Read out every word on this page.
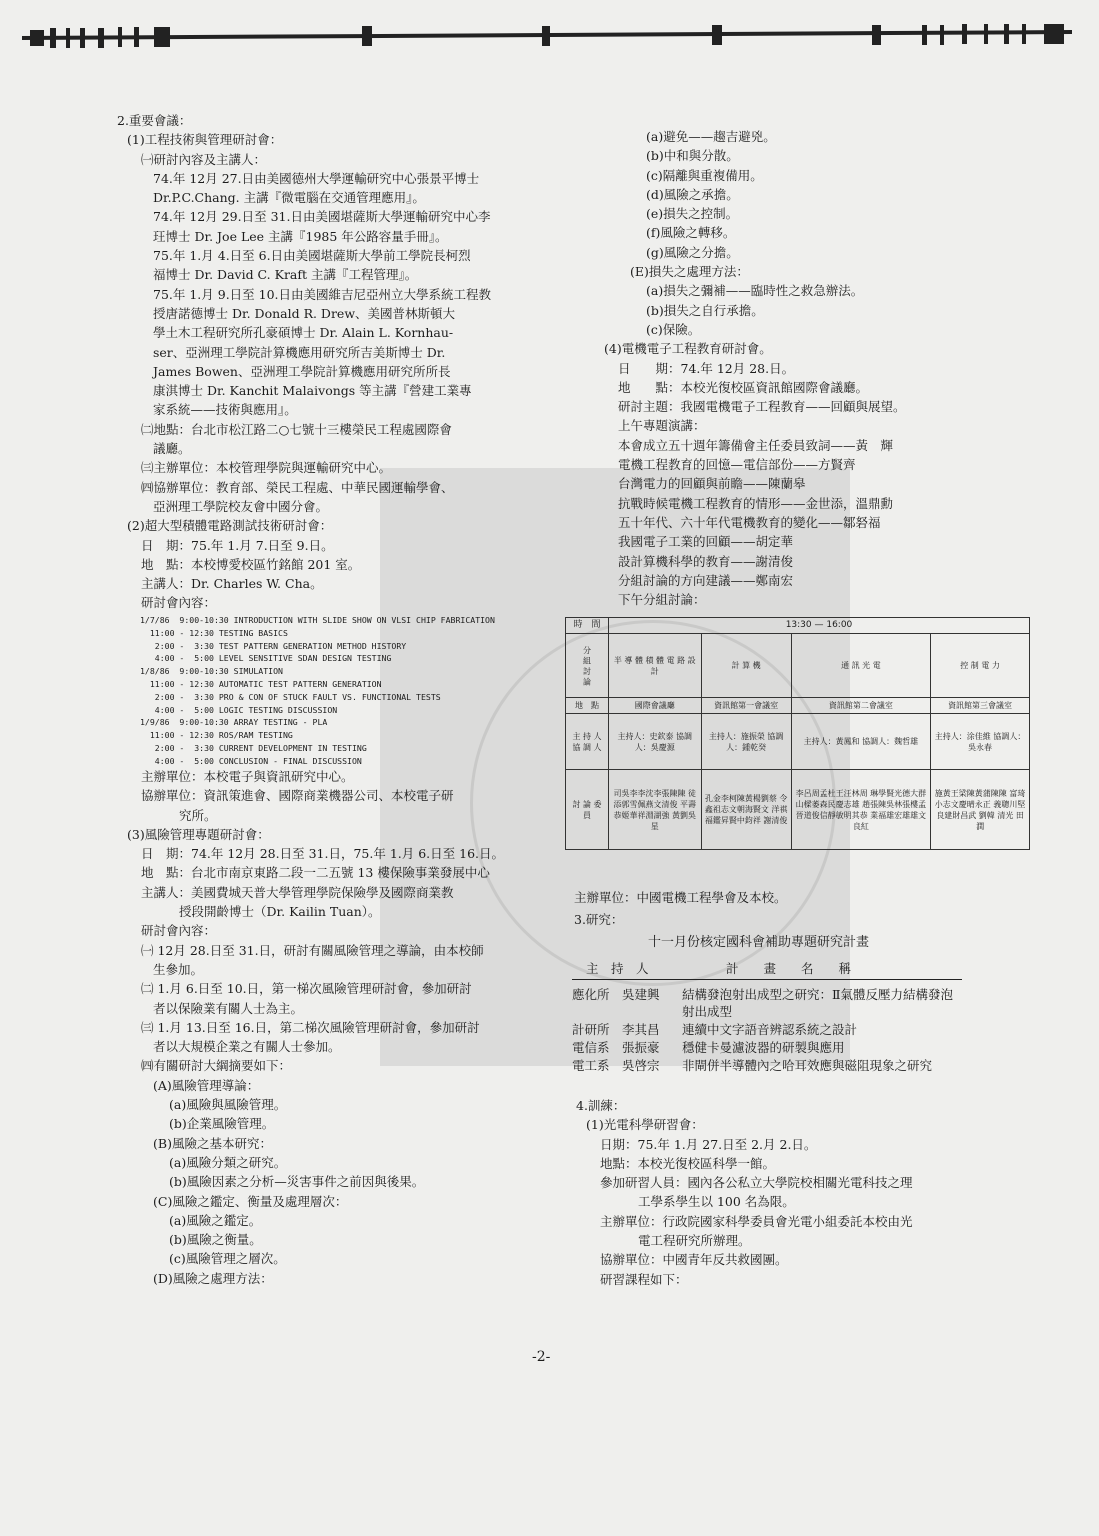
2.重要會議：

(1)工程技術與管理研討會：

㈠研討內容及主講人：

74.年 12月 27.日由美國德州大學運輸研究中心張景平博士

Dr.P.C.Chang. 主講『微電腦在交通管理應用』。

74.年 12月 29.日至 31.日由美國堪薩斯大學運輸研究中心李

玨博士 Dr. Joe Lee 主講『1985 年公路容量手冊』。

75.年 1.月 4.日至 6.日由美國堪薩斯大學前工學院長柯烈

福博士 Dr. David C. Kraft 主講『工程管理』。

75.年 1.月 9.日至 10.日由美國維吉尼亞州立大學系統工程教

授唐諾德博士 Dr. Donald R. Drew、美國普林斯頓大

學土木工程研究所孔豪碩博士 Dr. Alain L. Kornhau-

ser、亞洲理工學院計算機應用研究所吉美斯博士 Dr.

James Bowen、亞洲理工學院計算機應用研究所所長

康淇博士 Dr. Kanchit Malaivongs 等主講『營建工業專

家系統——技術與應用』。

㈡地點：台北市松江路二○七號十三樓榮民工程處國際會

議廳。

㈢主辦單位：本校管理學院與運輸研究中心。

㈣協辦單位：教育部、榮民工程處、中華民國運輸學會、

亞洲理工學院校友會中國分會。

(2)超大型積體電路測試技術研討會：

日　期：75.年 1.月 7.日至 9.日。

地　點：本校博愛校區竹銘館 201 室。

主講人：Dr. Charles W. Cha。

研討會內容：

1/7/86  9:00-10:30 INTRODUCTION WITH SLIDE SHOW ON VLSI CHIP FABRICATION

11:00 - 12:30 TESTING BASICS

2:00 -  3:30 TEST PATTERN GENERATION METHOD HISTORY

4:00 -  5:00 LEVEL SENSITIVE SDAN DESIGN TESTING

1/8/86  9:00-10:30 SIMULATION

11:00 - 12:30 AUTOMATIC TEST PATTERN GENERATION

2:00 -  3:30 PRO & CON OF STUCK FAULT VS. FUNCTIONAL TESTS

4:00 -  5:00 LOGIC TESTING DISCUSSION

1/9/86  9:00-10:30 ARRAY TESTING - PLA

11:00 - 12:30 ROS/RAM TESTING

2:00 -  3:30 CURRENT DEVELOPMENT IN TESTING

4:00 -  5:00 CONCLUSION - FINAL DISCUSSION

主辦單位：本校電子與資訊研究中心。

協辦單位：資訊策進會、國際商業機器公司、本校電子研

究所。

(3)風險管理專題研討會：

日　期：74.年 12月 28.日至 31.日，75.年 1.月 6.日至 16.日。

地　點：台北市南京東路二段一二五號 13 樓保險事業發展中心

主講人：美國費城天普大學管理學院保險學及國際商業教

授段開齡博士（Dr. Kailin Tuan）。

研討會內容：

㈠ 12月 28.日至 31.日，研討有關風險管理之導論，由本校師

生參加。

㈡ 1.月 6.日至 10.日，第一梯次風險管理研討會，參加研討

者以保險業有關人士為主。

㈢ 1.月 13.日至 16.日，第二梯次風險管理研討會，參加研討

者以大規模企業之有關人士參加。

㈣有關研討大綱摘要如下：

(A)風險管理導論：

(a)風險與風險管理。

(b)企業風險管理。

(B)風險之基本研究：

(a)風險分類之研究。

(b)風險因素之分析—災害事件之前因與後果。

(C)風險之鑑定、衡量及處理層次：

(a)風險之鑑定。

(b)風險之衡量。

(c)風險管理之層次。

(D)風險之處理方法：

(a)避免——趨吉避兇。

(b)中和與分散。

(c)隔離與重複備用。

(d)風險之承擔。

(e)損失之控制。

(f)風險之轉移。

(g)風險之分擔。

(E)損失之處理方法：

(a)損失之彌補——臨時性之救急辦法。

(b)損失之自行承擔。

(c)保險。

(4)電機電子工程教育研討會。

日　　期：74.年 12月 28.日。

地　　點：本校光復校區資訊館國際會議廳。

研討主題：我國電機電子工程教育——回顧與展望。

上午專題演講：

本會成立五十週年籌備會主任委員致詞——黃　輝

電機工程教育的回憶—電信部份——方賢齊

台灣電力的回顧與前瞻——陳蘭皋

抗戰時候電機工程教育的情形——金世添，溫鼎勳

五十年代、六十年代電機教育的變化——鄒砮福

我國電子工業的回顧——胡定華

設計算機科學的教育——謝清俊

分組討論的方向建議——鄭南宏

下午分組討論：

時　間	13:30 — 16:00			
分 組 討 論	半 導 體 積 體 電 路 設 計	計 算 機	通 訊 光 電	控 制 電 力
地　點	國際會議廳	資訊館第一會議室	資訊館第二會議室	資訊館第三會議室
主 持 人 協 調 人	主持人：史欽泰 協調人：吳慶源	主持人：施振榮 協調人：鍾乾癸	主持人：黃鳳和 協調人：魏哲雄	主持人：涂佳維 協調人：吳永春
討 論 委 員	司吳李李沈李張陳陳 徒添郭雪佩燕文清俊 平壽恭姬華祥淵湖強 黃劉吳星	孔金李柯陳黃楊劉蔡 令鑫祖志文朝海賢文 洋祺福鑑昇賢中鈞祥 謝清俊	李呂周孟杜王汪林周 琳學賢光德大群 山樑萎森民慶志雄 趙張陳吳林張樓孟 晉道俊信靜敏明其恭 業福雄宏雄雄文良紅	施黃王梁陳黃蒲陳陳 富琦小志文慶晴永正 義聰川堅良建財昌武 劉韓 清光 田潤

主辦單位：中國電機工程學會及本校。

3.研究：

十一月份核定國科會補助專題研究計畫

主　持　人	計　　畫　　名　　稱
應化所　吳建興	結構發泡射出成型之研究：Ⅱ氣體反壓力結構發泡射出成型
計研所　李其昌	連續中文字語音辨認系統之設計
電信系　張振豪	穩健卡曼濾波器的研製與應用
電工系　吳啓宗	非閘併半導體內之哈耳效應與磁阻現象之研究

4.訓練：

(1)光電科學研習會：

日期：75.年 1.月 27.日至 2.月 2.日。

地點：本校光復校區科學一館。

參加研習人員：國內各公私立大學院校相關光電科技之理

工學系學生以 100 名為限。

主辦單位：行政院國家科學委員會光電小組委託本校由光

電工程研究所辦理。

協辦單位：中國青年反共救國團。

研習課程如下：

-2-
